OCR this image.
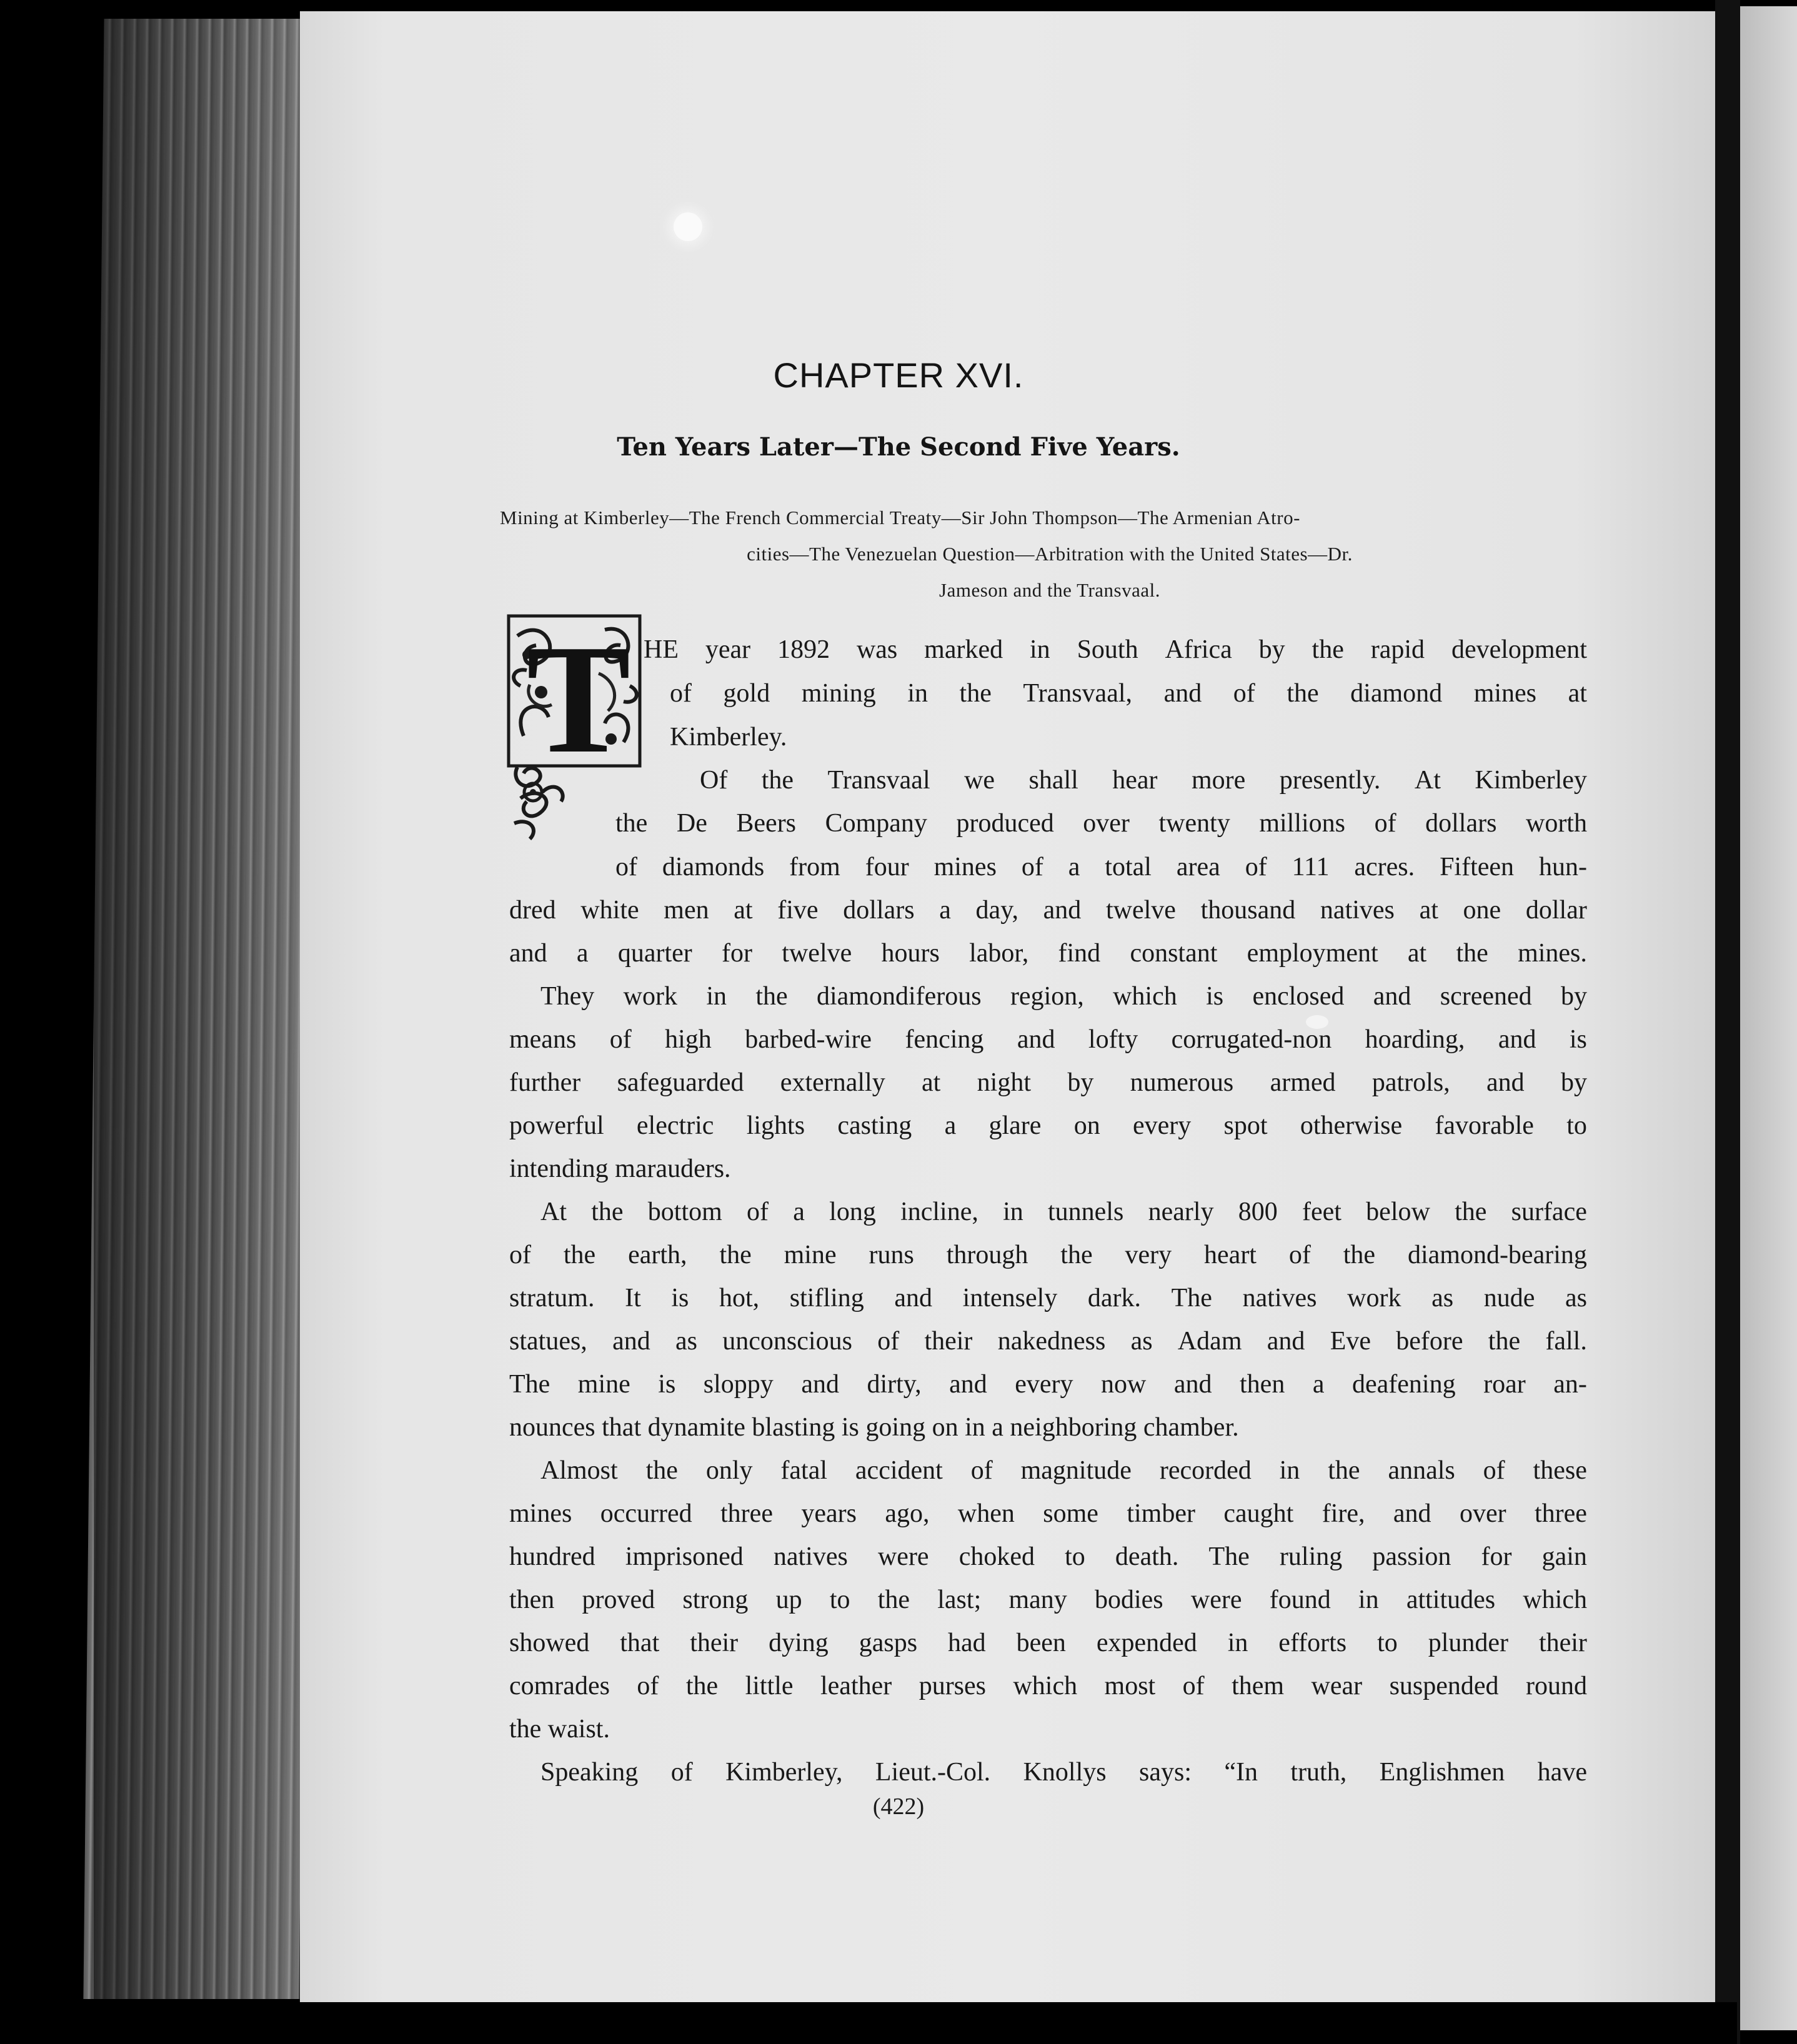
CHAPTER XVI.
Ten Years Later—The Second Five Years.
Mining at Kimberley—The French Commercial Treaty—Sir John Thompson—The Armenian Atro-
cities—The Venezuelan Question—Arbitration with the United States—Dr.
Jameson and the Transvaal.
T HE year 1892 was marked in South Africa by the rapid development
of gold mining in the Transvaal, and of the diamond mines at
Kimberley.
Of the Transvaal we shall hear more presently. At Kimberley
the De Beers Company produced over twenty millions of dollars worth
of diamonds from four mines of a total area of 111 acres. Fifteen hun-
dred white men at five dollars a day, and twelve thousand natives at one dollar
and a quarter for twelve hours labor, find constant employment at the mines.
They work in the diamondiferous region, which is enclosed and screened by
means of high barbed-wire fencing and lofty corrugated-non hoarding, and is
further safeguarded externally at night by numerous armed patrols, and by
powerful electric lights casting a glare on every spot otherwise favorable to
intending marauders.
At the bottom of a long incline, in tunnels nearly 800 feet below the surface
of the earth, the mine runs through the very heart of the diamond-bearing
stratum. It is hot, stifling and intensely dark. The natives work as nude as
statues, and as unconscious of their nakedness as Adam and Eve before the fall.
The mine is sloppy and dirty, and every now and then a deafening roar an-
nounces that dynamite blasting is going on in a neighboring chamber.
Almost the only fatal accident of magnitude recorded in the annals of these
mines occurred three years ago, when some timber caught fire, and over three
hundred imprisoned natives were choked to death. The ruling passion for gain
then proved strong up to the last; many bodies were found in attitudes which
showed that their dying gasps had been expended in efforts to plunder their
comrades of the little leather purses which most of them wear suspended round
the waist.
Speaking of Kimberley, Lieut.-Col. Knollys says: “In truth, Englishmen have
(422)
